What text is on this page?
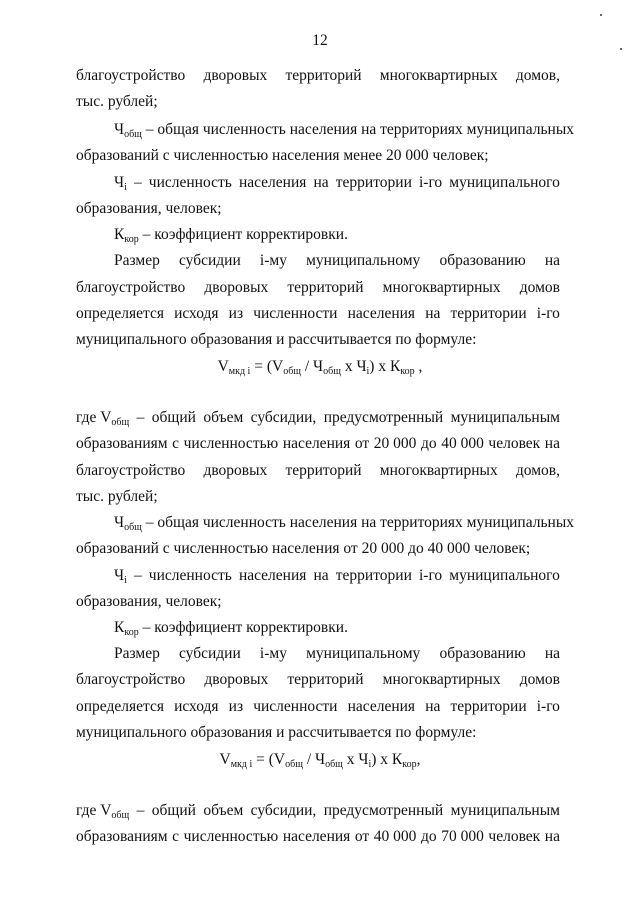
12
благоустройство дворовых территорий многоквартирных домов,
тыс. рублей;
$Ч_{общ}$ – общая численность населения на территориях муниципальных
образований с численностью населения менее 20 000 человек;
$Ч_i$ – численность населения на территории i-го муниципального
образования, человек;
$К_{кор}$ – коэффициент корректировки.
Размер субсидии i-му муниципальному образованию на
благоустройство дворовых территорий многоквартирных домов
определяется исходя из численности населения на территории i-го
муниципального образования и рассчитывается по формуле:
$V_{мкд i} = (V_{общ} / Ч_{общ}$ x $Ч_i$) x $К_{кор}$ ,
где $V_{общ}$ – общий объем субсидии, предусмотренный муниципальным
образованиям с численностью населения от 20 000 до 40 000 человек на
благоустройство дворовых территорий многоквартирных домов,
тыс. рублей;
$Ч_{общ}$ – общая численность населения на территориях муниципальных
образований с численностью населения от 20 000 до 40 000 человек;
$Ч_i$ – численность населения на территории i-го муниципального
образования, человек;
$К_{кор}$ – коэффициент корректировки.
Размер субсидии i-му муниципальному образованию на
благоустройство дворовых территорий многоквартирных домов
определяется исходя из численности населения на территории i-го
муниципального образования и рассчитывается по формуле:
$V_{мкд i} = (V_{общ} / Ч_{общ}$ x $Ч_i$) x $К_{кор}$,
где $V_{общ}$ – общий объем субсидии, предусмотренный муниципальным
образованиям с численностью населения от 40 000 до 70 000 человек на
